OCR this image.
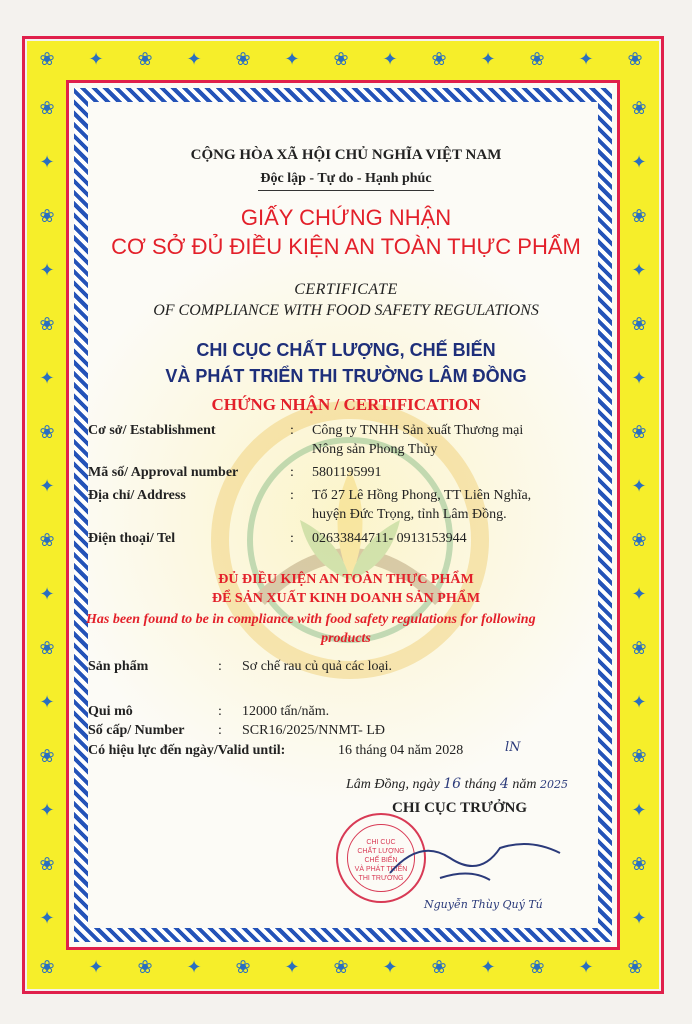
❀
❀
✦
✦
❀
❀
✦
✦
❀
❀
✦
✦
❀
❀
✦
✦
❀
❀
✦
✦
❀
❀
✦
✦
❀
❀
❀	❀
✦	✦
❀	❀
✦	✦
❀	❀
✦	✦
❀	❀
✦	✦
❀	❀
✦	✦
❀	❀
✦	✦
❀	❀
✦	✦
❀	❀
✦	✦
CỘNG HÒA XÃ HỘI CHỦ NGHĨA VIỆT NAM
Độc lập - Tự do - Hạnh phúc
GIẤY CHỨNG NHẬN
CƠ SỞ ĐỦ ĐIỀU KIỆN AN TOÀN THỰC PHẨM
CERTIFICATE
OF COMPLIANCE WITH FOOD SAFETY REGULATIONS
CHI CỤC CHẤT LƯỢNG, CHẾ BIẾN
VÀ PHÁT TRIỂN THI TRƯỜNG LÂM ĐỒNG
CHỨNG NHẬN / CERTIFICATION
Cơ sở/ Establishment	: Công ty TNHH Sản xuất Thương mại
Nông sản Phong Thủy
Mã số/ Approval number	: 5801195991
Địa chỉ/ Address	: Tổ 27 Lê Hồng Phong, TT Liên Nghĩa,
huyện Đức Trọng, tỉnh Lâm Đồng.
Điện thoại/ Tel	: 02633844711- 0913153944
ĐỦ ĐIỀU KIỆN AN TOÀN THỰC PHẨM
ĐỂ SẢN XUẤT KINH DOANH SẢN PHẨM
Has been found to be in compliance with food safety regulations for following
products
Sản phẩm	: Sơ chế rau củ quả các loại.
Qui mô	: 12000 tấn/năm.
Số cấp/ Number : SCR16/2025/NNMT- LĐ
Có hiệu lực đến ngày/Valid until:	16 tháng 04 năm 2028	lN
Lâm Đồng, ngày 16 tháng 4 năm 2025
CHI CỤC TRƯỞNG
CHI CỤC
CHẤT LƯỢNG
CHẾ BIẾN
VÀ PHÁT TRIỂN
THI TRƯỜNG
Nguyễn Thùy Quý Tú
